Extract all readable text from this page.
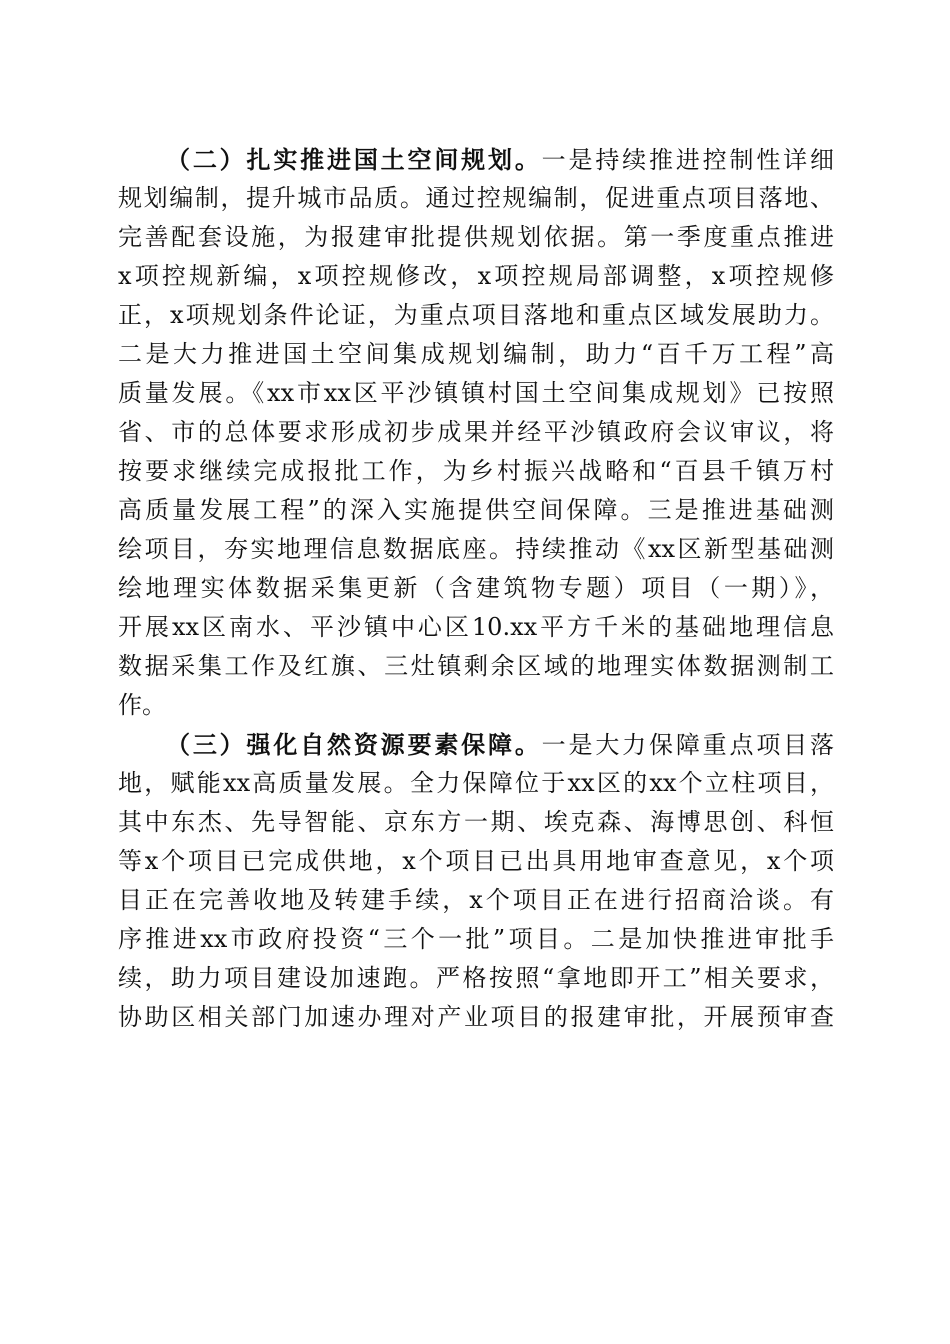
（二）扎实推进国土空间规划。一是持续推进控制性详细
规划编制，提升城市品质。通过控规编制，促进重点项目落地、
完善配套设施，为报建审批提供规划依据。第一季度重点推进
x项控规新编，x项控规修改，x项控规局部调整，x项控规修
正，x项规划条件论证，为重点项目落地和重点区域发展助力。
二是大力推进国土空间集成规划编制，助力“百千万工程”高
质量发展。《xx市xx区平沙镇镇村国土空间集成规划》已按照
省、市的总体要求形成初步成果并经平沙镇政府会议审议，将
按要求继续完成报批工作，为乡村振兴战略和“百县千镇万村
高质量发展工程”的深入实施提供空间保障。三是推进基础测
绘项目，夯实地理信息数据底座。持续推动《xx区新型基础测
绘地理实体数据采集更新（含建筑物专题）项目（一期）》，
开展xx区南水、平沙镇中心区10.xx平方千米的基础地理信息
数据采集工作及红旗、三灶镇剩余区域的地理实体数据测制工
作。
（三）强化自然资源要素保障。一是大力保障重点项目落
地，赋能xx高质量发展。全力保障位于xx区的xx个立柱项目，
其中东杰、先导智能、京东方一期、埃克森、海博思创、科恒
等x个项目已完成供地，x个项目已出具用地审查意见，x个项
目正在完善收地及转建手续，x个项目正在进行招商洽谈。有
序推进xx市政府投资“三个一批”项目。二是加快推进审批手
续，助力项目建设加速跑。严格按照“拿地即开工”相关要求，
协助区相关部门加速办理对产业项目的报建审批，开展预审查
